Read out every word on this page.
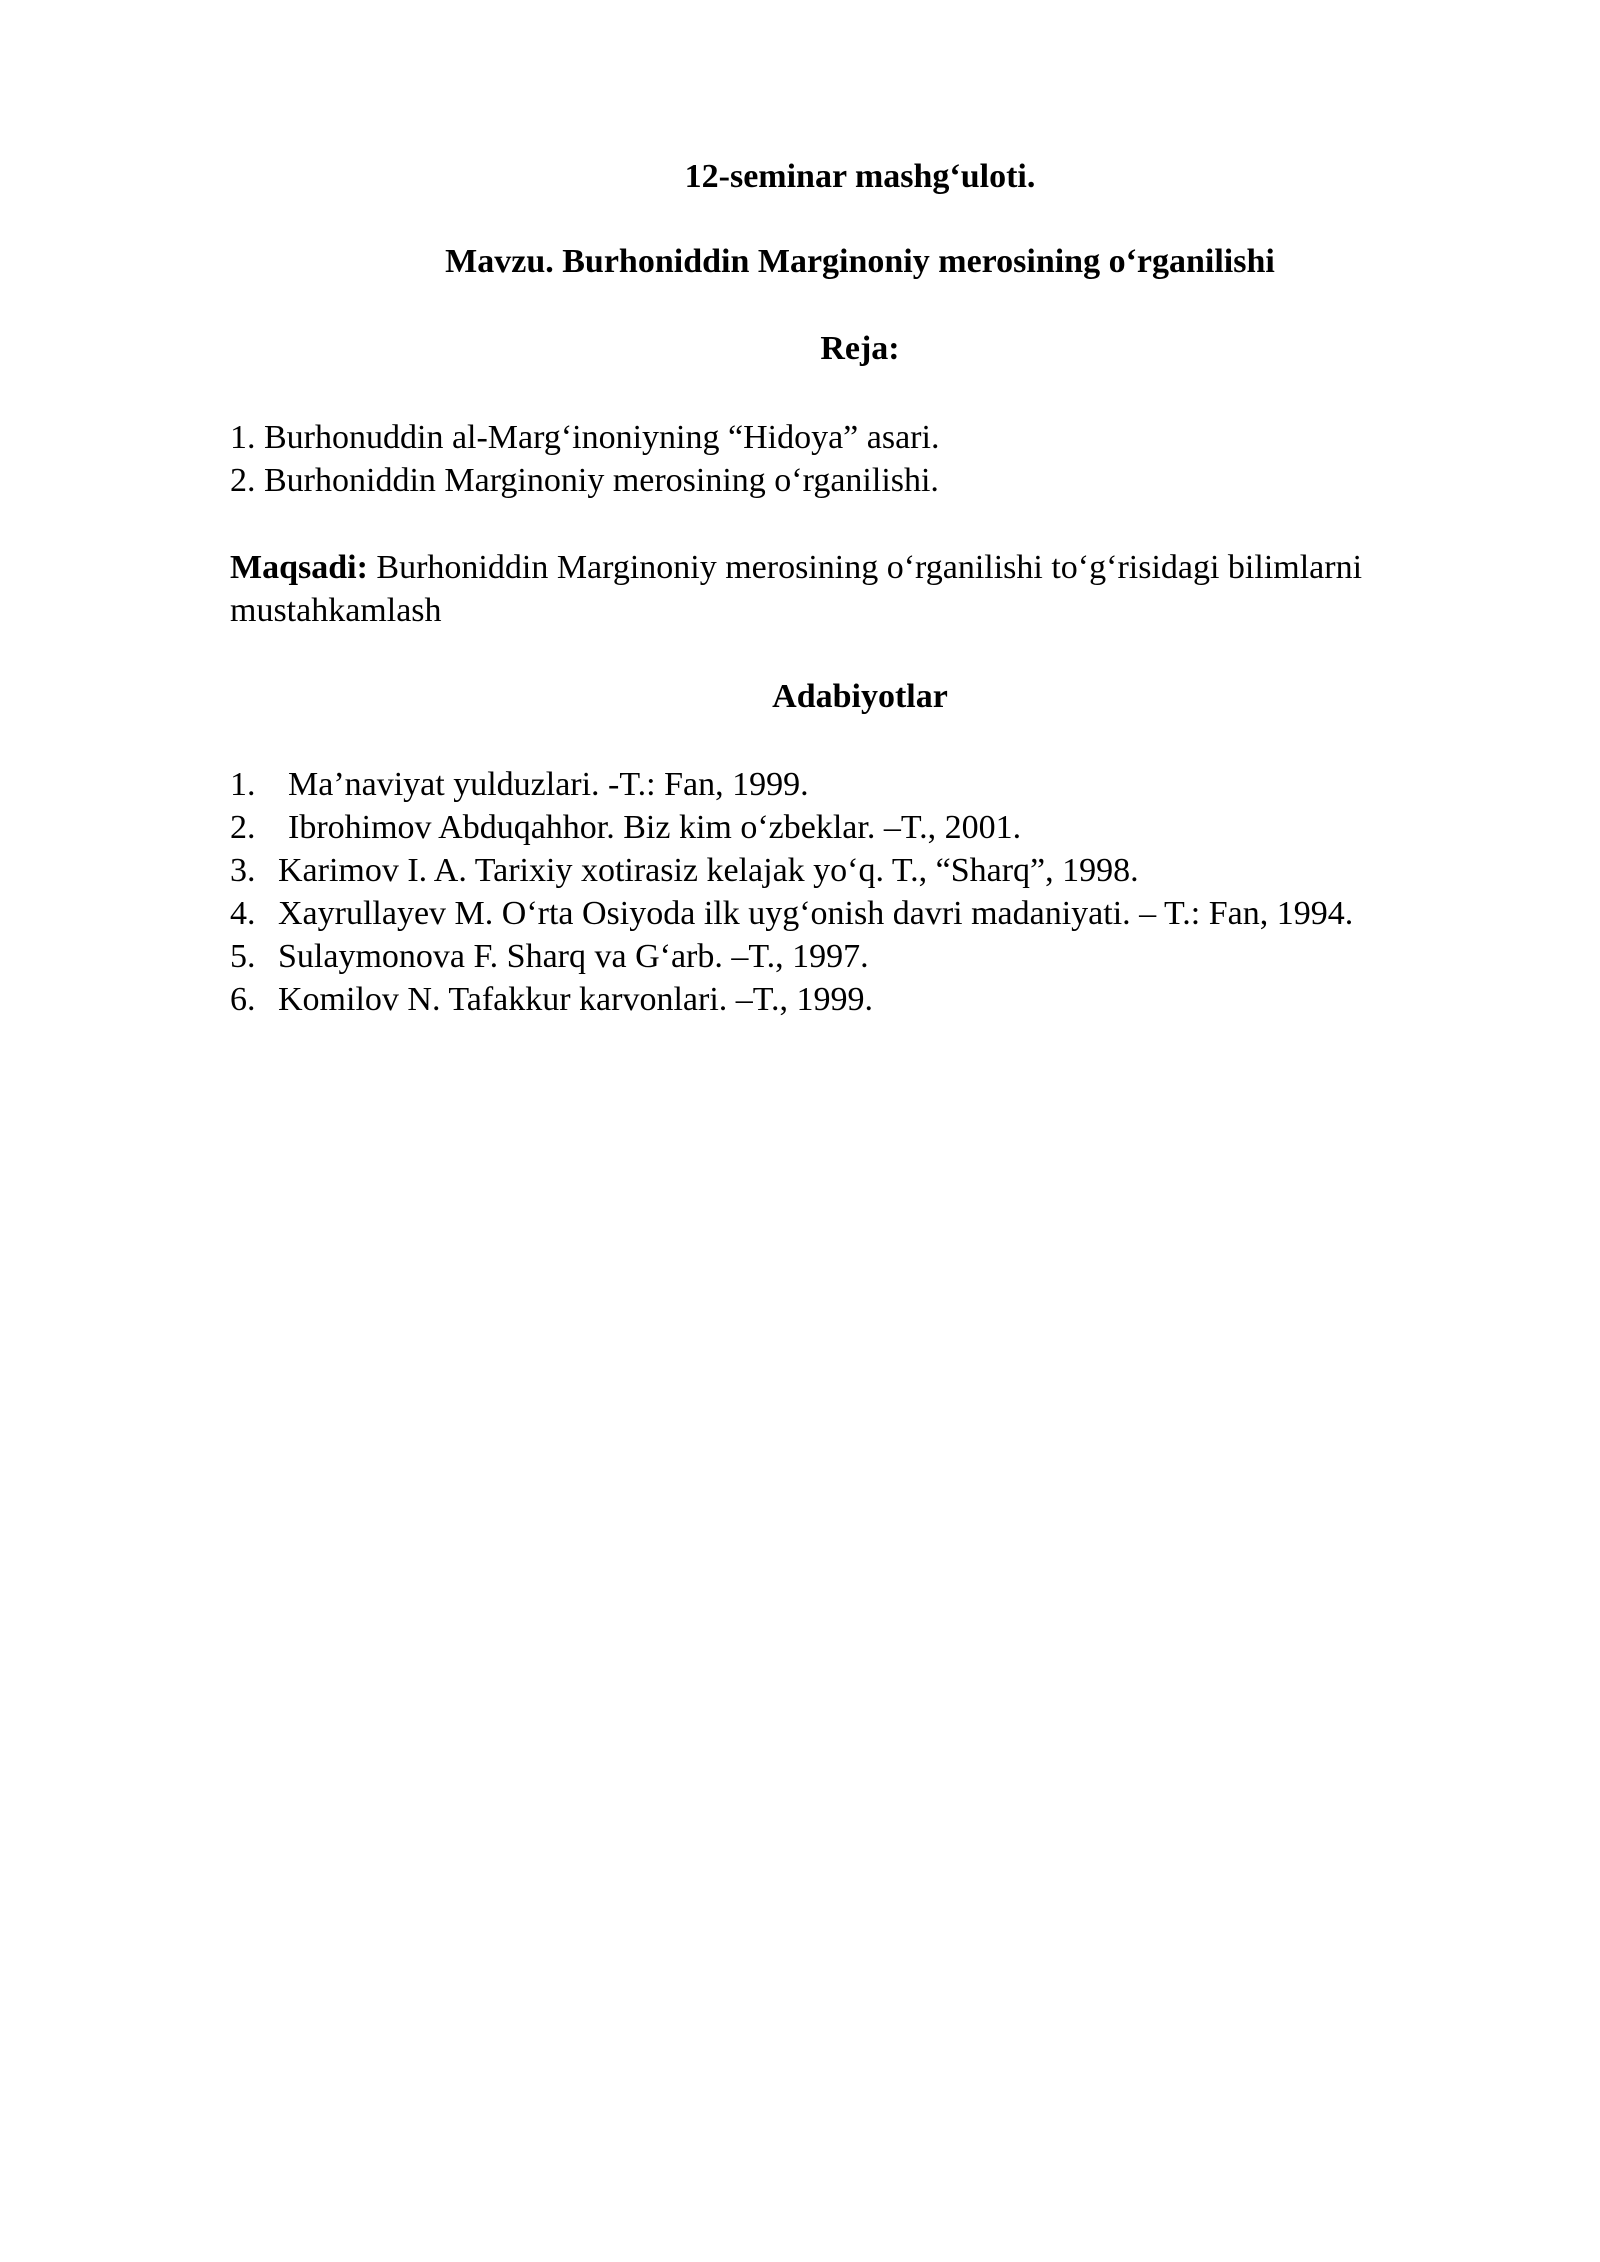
12-seminar mashg‘uloti.
Mavzu. Burhoniddin Marginoniy merosining o‘rganilishi
Reja:
1. Burhonuddin al-Marg‘inoniyning “Hidoya” asari.
2. Burhoniddin Marginoniy merosining o‘rganilishi.
Maqsadi: Burhoniddin Marginoniy merosining o‘rganilishi to‘g‘risidagi bilimlarni mustahkamlash
Adabiyotlar
1. Ma’naviyat yulduzlari. -T.: Fan, 1999.
2. Ibrohimov Abduqahhor. Biz kim o‘zbeklar. –T., 2001.
3. Karimov I. A. Tarixiy xotirasiz kelajak yo‘q. T., “Sharq”, 1998.
4. Xayrullayev M. O‘rta Osiyoda ilk uyg‘onish davri madaniyati. – T.: Fan, 1994.
5. Sulaymonova F. Sharq va G‘arb. –T., 1997.
6. Komilov N. Tafakkur karvonlari. –T., 1999.
